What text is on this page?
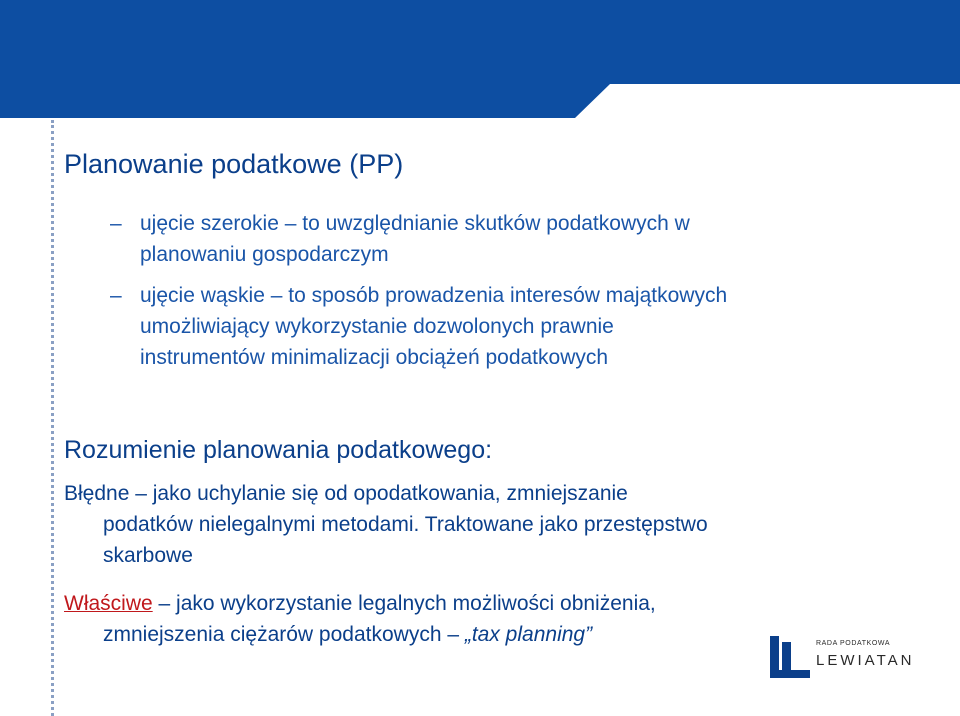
Planowanie podatkowe (PP)
– ujęcie szerokie – to uwzględnianie skutków podatkowych w
planowaniu gospodarczym
– ujęcie wąskie – to sposób prowadzenia interesów majątkowych
umożliwiający wykorzystanie dozwolonych prawnie
instrumentów minimalizacji obciążeń podatkowych
Rozumienie planowania podatkowego:
Błędne – jako uchylanie się od opodatkowania, zmniejszanie
podatków nielegalnymi metodami. Traktowane jako przestępstwo
skarbowe
Właściwe – jako wykorzystanie legalnych możliwości obniżenia,
zmniejszenia ciężarów podatkowych – „tax planning”	RADA PODATKOWA
LEWIATAN
